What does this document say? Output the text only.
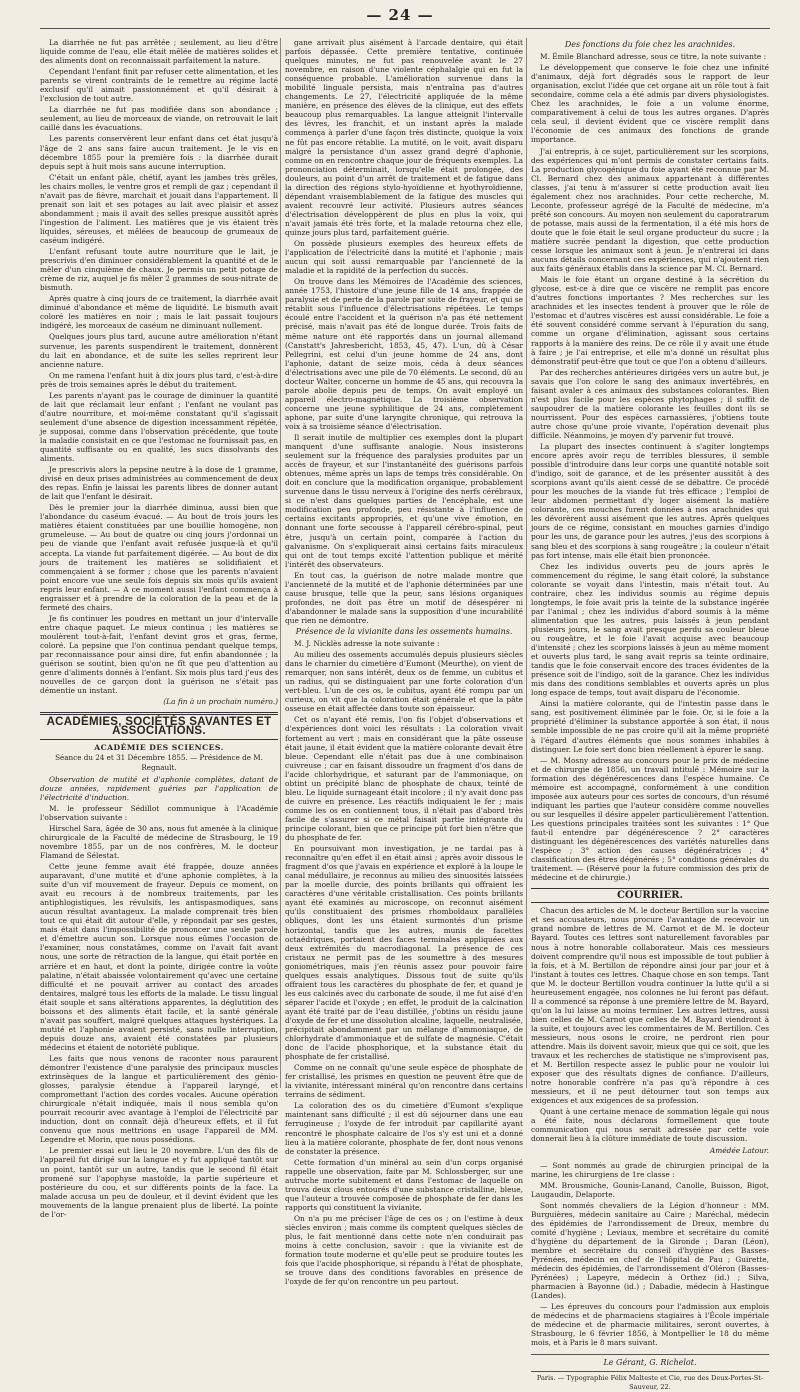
— 24 —

La diarrhée ne fut pas arrêtée ; seulement, au lieu d'être liquide comme de l'eau, elle était mêlée de matières solides et des aliments dont on reconnaissait parfaitement la nature.

Cependant l'enfant finit par refuser cette alimentation, et les parents se virent contraints de le remettre au régime lacté exclusif qu'il aimait passionnément et qu'il désirait à l'exclusion de tout autre.

La diarrhée ne fut pas modifiée dans son abondance ; seulement, au lieu de morceaux de viande, on retrouvait le lait caillé dans les évacuations.

Les parents conservèrent leur enfant dans cet état jusqu'à l'âge de 2 ans sans faire aucun traitement. Je le vis en décembre 1855 pour la première fois : la diarrhée durait depuis sept à huit mois sans aucune interruption.

C'était un enfant pâle, chétif, ayant les jambes très grêles, les chairs molles, le ventre gros et rempli de gaz ; cependant il n'avait pas de fièvre, marchait et jouait dans l'appartement. Il prenait son lait et ses potages au lait avec plaisir et assez abondamment ; mais il avait des selles presque aussitôt après l'ingestion de l'aliment. Les matières que je vis étaient très liquides, séreuses, et mêlées de beaucoup de grumeaux de caséum indigéré.

L'enfant refusant toute autre nourriture que le lait, je prescrivis d'en diminuer considérablement la quantité et de le mêler d'un cinquième de chaux. Je permis un petit potage de crème de riz, auquel je fis mêler 2 grammes de sous-nitrate de bismuth.

Après quatre à cinq jours de ce traitement, la diarrhée avait diminué d'abondance et même de liquidité. Le bismuth avait coloré les matières en noir ; mais le lait passait toujours indigéré, les morceaux de caséum ne diminuant nullement.

Quelques jours plus tard, aucune autre amélioration n'étant survenue, les parents suspendirent le traitement, donnèrent du lait en abondance, et de suite les selles reprirent leur ancienne nature.

On me ramena l'enfant huit à dix jours plus tard, c'est-à-dire près de trois semaines après le début du traitement.

Les parents n'ayant pas le courage de diminuer la quantité de lait que réclamait leur enfant ; l'enfant ne voulant pas d'autre nourriture, et moi-même constatant qu'il s'agissait seulement d'une absence de digestion incessamment répétée, je supposai, comme dans l'observation précédente, que toute la maladie consistait en ce que l'estomac ne fournissait pas, en quantité suffisante ou en qualité, les sucs dissolvants des aliments.

Je prescrivis alors la pepsine neutre à la dose de 1 gramme, divisé en deux prises administrées au commencement de deux des repas. Enfin je laissai les parents libres de donner autant de lait que l'enfant le désirait.

Dès le premier jour la diarrhée diminua, aussi bien que l'abondance du caséum évacué. — Au bout de trois jours les matières étaient constituées par une bouillie homogène, non grumeleuse. — Au bout de quatre ou cinq jours j'ordonnai un peu de viande que l'enfant avait refusée jusque-là et qu'il accepta. La viande fut parfaitement digérée. — Au bout de dix jours de traitement les matières se solidifiaient et commençaient à se former ; chose que les parents n'avaient point encore vue une seule fois depuis six mois qu'ils avaient repris leur enfant. — A ce moment aussi l'enfant commença à engraisser et à prendre de la coloration de la peau et de la fermeté des chairs.

Je fis continuer les poudres en mettant un jour d'intervalle entre chaque paquet. Le mieux continua ; les matières se moulèrent tout-à-fait, l'enfant devint gros et gras, ferme, coloré. La pepsine que l'on continua pendant quelque temps, par reconnaissance pour ainsi dire, fut enfin abandonnée ; la guérison se soutint, bien qu'on ne fît que peu d'attention au genre d'aliments donnés à l'enfant. Six mois plus tard j'eus des nouvelles de ce garçon dont la guérison ne s'était pas démentie un instant.

(La fin à un prochain numéro.)
ACADÉMIES, SOCIÉTÉS SAVANTES ET ASSOCIATIONS.
ACADÉMIE DES SCIENCES.
Séance du 24 et 31 Décembre 1855. — Présidence de M. Regnault.

Observation de mutité et d'aphonie complètes, datant de douze années, rapidement guéries par l'application de l'électricité d'induction.

M. le professeur Sédillot communique à l'Académie l'observation suivante :

Hirschel Sara, âgée de 30 ans, nous fut amenée à la clinique chirurgicale de la Faculté de médecine de Strasbourg, le 19 novembre 1855, par un de nos confrères, M. le docteur Flamand de Sélestat.

Cette jeune femme avait été frappée, douze années auparavant, d'une mutité et d'une aphonie complètes, à la suite d'un vif mouvement de frayeur. Depuis ce moment, on avait eu recours à de nombreux traitements, par les antiphlogistiques, les révulsifs, les antispasmodiques, sans aucun résultat avantageux. La malade comprenait très bien tout ce qui était dit autour d'elle, y répondait par ses gestes, mais était dans l'impossibilité de prononcer une seule parole et d'émettre aucun son. Lorsque nous eûmes l'occasion de l'examiner, nous constatâmes, comme on l'avait fait avant nous, une sorte de rétraction de la langue, qui était portée en arrière et en haut, et dont la pointe, dirigée contre la voûte palatine, n'était abaissée volontairement qu'avec une certaine difficulté et ne pouvait arriver au contact des arcades dentaires, malgré tous les efforts de la malade. Le tissu lingual était souple et sans altérations apparentes, la déglutition des boissons et des aliments était facile, et la santé générale n'avait pas souffert, malgré quelques attaques hystériques. La mutité et l'aphonie avaient persisté, sans nulle interruption, depuis douze ans, avaient été constatées par plusieurs médecins et étaient de notoriété publique.

Les faits que nous venons de raconter nous paraurent démontrer l'existence d'une paralysie des principaux muscles extrinsèques de la langue et particulièrement des génio-glosses, paralysie étendue à l'appareil laryngé, et compromettant l'action des cordes vocales. Aucune opération chirurgicale n'était indiquée, mais il nous sembla qu'on pourrait recourir avec avantage à l'emploi de l'électricité par induction, dont on connaît déjà d'heureux effets, et il fut convenu que nous mettrions en usage l'appareil de MM. Legendre et Morin, que nous possédions.

Le premier essai eut lieu le 20 novembre. L'un des fils de l'appareil fut dirigé sur la langue et y fut appliqué tantôt sur un point, tantôt sur un autre, tandis que le second fil était promené sur l'apophyse mastoïde, la partie supérieure et postérieure du cou, et sur différents points de la face. La malade accusa un peu de douleur, et il devint évident que les mouvements de la langue prenaient plus de liberté. La pointe de l'or-

gane arrivait plus aisément à l'arcade dentaire, qui était parfois dépassée. Cette première tentative, continuée quelques minutes, ne fut pas renouvelée avant le 27 novembre, en raison d'une violente céphalalgie qui en fut la conséquence probable. L'amélioration survenue dans la mobilité linguale persista, mais n'entraîna pas d'autres changements. Le 27, l'électricité appliquée de la même manière, en présence des élèves de la clinique, eut des effets beaucoup plus remarquables. La langue atteignit l'intervalle des lèvres, les franchit, et un instant après la malade commença à parler d'une façon très distincte, quoique la voix ne fût pas encore rétablie. La mutité, on le voit, avait disparu malgré la persistance d'un assez grand degré d'aphonie, comme on en rencontre chaque jour de fréquents exemples. La prononciation déterminait, lorsqu'elle était prolongée, des douleurs, au point d'un arrêt de traitement et de fatigue dans la direction des régions stylo-hyoïdienne et hyothyroïdienne, dépendant vraisemblablement de la fatigue des muscles qui avaient recouvré leur activité. Plusieurs autres séances d'électrisation développèrent de plus en plus la voix, qui n'avait jamais été très forte, et la malade retourna chez elle, quinze jours plus tard, parfaitement guérie.

On possède plusieurs exemples des heureux effets de l'application de l'électricité dans la mutité et l'aphonie ; mais aucun qui soit aussi remarquable par l'ancienneté de la maladie et la rapidité de la perfection du succès.

On trouve dans les Mémoires de l'Académie des sciences, année 1753, l'histoire d'une jeune fille de 14 ans, frappée de paralysie et de perte de la parole par suite de frayeur, et qui se rétablit sous l'influence d'électrisations répétées. Le temps écoulé entre l'accident et la guérison n'a pas été nettement précisé, mais n'avait pas été de longue durée. Trois faits de même nature ont été rapportés dans un journal allemand (Canstatt's Jahresbericht, 1853, 45, 47). L'un, dû à César Pellegrini, est celui d'un jeune homme de 24 ans, dont l'aphonie, datant de seize mois, céda à deux séances d'électrisations avec une pile de 70 éléments. Le second, dû au docteur Walter, concerne un homme de 45 ans, qui recouvra la parole abolie depuis peu de temps. On avait employé un appareil électro-magnétique. La troisième observation concerne une jeune syphilitique de 24 ans, complètement aphone, par suite d'une laryngite chronique, qui retrouva la voix à sa troisième séance d'électrisation.

Il serait inutile de multiplier ces exemples dont la plupart manquent d'une suffisante analogie. Nous insisterons seulement sur la fréquence des paralysies produites par un accès de frayeur, et sur l'instantanéité des guérisons parfois obtenues, même après un laps de temps très considérable. On doit en conclure que la modification organique, probablement survenue dans le tissu nerveux à l'origine des nerfs cérébraux, si ce n'est dans quelques parties de l'encéphale, est une modification peu profonde, peu résistante à l'influence de certains excitants appropriés, et qu'une vive émotion, en donnant une forte secousse à l'appareil cérébro-spinal, peut être, jusqu'à un certain point, comparée à l'action du galvanisme. On s'expliquerait ainsi certains faits miraculeux qui ont de tout temps excité l'attention publique et mérité l'intérêt des observateurs.

En tout cas, la guérison de notre malade montre que l'ancienneté de la mutité et de l'aphonie déterminées par une cause brusque, telle que la peur, sans lésions organiques profondes, ne doit pas être un motif de désespérer ni d'abandonner le malade sans la supposition d'une incurabilité que rien ne démontre.

Présence de la vivianite dans les ossements humains.

M. J. Nicklès adresse la note suivante :

Au milieu des ossements accumulés depuis plusieurs siècles dans le charnier du cimetière d'Eumont (Meurthe), on vient de remarquer, non sans intérêt, deux os de femme, un cubitus et un radius, qui se distinguaient par une forte coloration d'un vert-bleu. L'un de ces os, le cubitus, ayant été rompu par un curieux, on vit que la coloration était générale et que la pâte osseuse en était affectée dans toute son épaisseur.

Cet os n'ayant été remis, l'on fis l'objet d'observations et d'expériences dont voici les résultats : La coloration vivait fortement au vert ; mais en considérant que la pâte osseuse était jaune, il était évident que la matière colorante devait être bleue. Cependant elle n'était pas due à une combinaison cuivreuse ; car en faisant dissoudre un fragment d'os dans de l'acide chlorhydrique, et saturant par de l'ammoniaque, on obtint un précipité blanc de phosphate de chaux, teinté de bleu. Le liquide surnageant était incolore ; il n'y avait donc pas de cuivre en présence. Les réactifs indiquaient le fer ; mais comme les os en contiennent tous, il n'était pas d'abord très facile de s'assurer si ce métal faisait partie intégrante du principe colorant, bien que ce principe pût fort bien n'être que du phosphate de fer.

En poursuivant mon investigation, je ne tardai pas à reconnaître qu'en effet il en était ainsi ; après avoir dissous le fragment d'os que j'avais en expérience et exploré à la loupe le canal médullaire, je reconnus au milieu des sinuosités laissées par la moelle durcie, des points brillants qui offraient les caractères d'une véritable cristallisation. Ces points brillants ayant été examinés au microscope, on reconnut aisément qu'ils constituaient des prismes rhomboïdaux parallèles obliques, dont les uns étaient surmontés d'un prisme horizontal, tandis que les autres, munis de facettes octaédriques, portaient des faces terminales appliquées aux deux extrémités du macrodiagonal. La présence de ces cristaux ne permit pas de les soumettre à des mesures goniométriques, mais j'en réunis assez pour pouvoir faire quelques essais analytiques. Dissous tout de suite qu'ils offraient tous les caractères du phosphate de fer, et quand je les eus calcinés avec du carbonate de soude, il me fut aisé d'en séparer l'acide et l'oxyde ; en effet, le produit de la calcination ayant été traité par de l'eau distillée, j'obtins un résidu jaune d'oxyde de fer et une dissolution alcaline, laquelle, neutralisée, précipitait abondamment par un mélange d'ammoniaque, de chlorhydrate d'ammoniaque et de sulfate de magnésie. C'était donc de l'acide phosphorique, et la substance était du phosphate de fer cristallisé.

Comme on ne connaît qu'une seule espèce de phosphate de fer cristallisé, les prismes en question ne peuvent être que de la vivianite, intéressant minéral qu'on rencontre dans certains terrains de sédiment.

La coloration des os du cimetière d'Eumont s'explique maintenant sans difficulté ; il est dû séjourner dans une eau ferrugineuse ; l'oxyde de fer introduit par capillarité ayant rencontré le phosphate calcaire de l'os s'y est uni et a donné lieu à la matière colorante, phosphate de fer, dont nous venons de constater la présence.

Cette formation d'un minéral au sein d'un corps organisé rappelle une observation, faite par M. Schlossberger, sur une autruche morte subitement et dans l'estomac de laquelle on trouva deux clous entourés d'une substance cristalline, bleue, que l'auteur a trouvée composée de phosphate de fer dans les rapports qui constituent la vivianite.

On n'a pu me préciser l'âge de ces os ; on l'estime à deux siècles environ ; mais comme ils comptent quelques siècles de plus, le fait mentionné dans cette note n'en conduirait pas moins à cette conclusion, savoir : que la vivianite est de formation toute moderne et qu'elle peut se produire toutes les fois que l'acide phosphorique, si répandu à l'état de phosphate, se trouve dans des conditions favorables en présence de l'oxyde de fer qu'on rencontre un peu partout.

Des fonctions du foie chez les arachnides.

M. Émile Blanchard adresse, sous ce titre, la note suivante :

Le développement que conserve le foie chez une infinité d'animaux, déjà fort dégradés sous le rapport de leur organisation, exclut l'idée que cet organe ait un rôle tout à fait secondaire, comme cela a été admis par divers physiologistes. Chez les arachnides, le foie a un volume énorme, comparativement à celui de tous les autres organes. D'après cela seul, il devient évident que ce viscère remplit dans l'économie de ces animaux des fonctions de grande importance.

J'ai entrepris, à ce sujet, particulièrement sur les scorpions, des expériences qui m'ont permis de constater certains faits. La production glycogénique du foie ayant été reconnue par M. Cl. Bernard chez des animaux appartenant à différentes classes, j'ai tenu à m'assurer si cette production avait lieu également chez nos arachnides. Pour cette recherche, M. Leconte, professeur agrégé de la Faculté de médecine, m'a prêté son concours. Au moyen non seulement du caporatrarum de potasse, mais aussi de la fermentation, il a été mis hors de doute que le foie était le seul organe producteur du sucre ; la matière sucrée pendant la digestion, que cette production cesse lorsque les animaux sont à jeun. Je n'entrerai ici dans aucuns détails concernant ces expériences, qui n'ajoutent rien aux faits généraux établis dans la science par M. Cl. Bernard.

Mais le foie étant un organe destiné à la sécrétion du glycose, est-ce à dire que ce viscère ne remplit pas encore d'autres fonctions importantes ? Mes recherches sur les arachnides et les insectes tendent à prouver que le rôle de l'estomac et d'autres viscères est aussi considérable. Le foie a été souvent considéré comme servant à l'épuration du sang, comme un organe d'élimination, agissant sous certains rapports à la manière des reins. De ce rôle il y avait une étude à faire ; je l'ai entreprise, et elle m'a donné un résultat plus démonstratif peut-être que tout ce que l'on a obtenu d'ailleurs.

Par des recherches antérieures dirigées vers un autre but, je savais que l'on colore le sang des animaux invertébrés, en faisant avaler à ces animaux des substances colorantes. Bien n'est plus facile pour les espèces phytophages ; il suffit de saupoudrer de la matière colorante les feuilles dont ils se nourrissent. Pour des espèces carnassières, j'obtiens toute autre chose qu'une proie vivante, l'opération devenait plus difficile. Néanmoins, je moyen d'y parvenir fut trouvé.

La plupart des insectes continuent à s'agiter longtemps encore après avoir reçu de terribles blessures, il semble possible d'introduire dans leur corps une quantité notable soit d'indigo, soit de garance, et de les présenter aussitôt à des scorpions avant qu'ils aient cessé de se débattre. Ce procédé pour les mouches de la viande fut très efficace ; l'emploi de leur abdomen permettant d'y loger aisément la matière colorante, ces mouches furent données à nos arachnides qui les dévorèrent aussi aisément que les autres. Après quelques jours de ce régime, consistant en mouches garnies d'indigo pour les uns, de garance pour les autres, j'eus des scorpions à sang bleu et des scorpions à sang rougeâtre ; la couleur n'était pas fort intense, mais elle était bien prononcée.

Chez les individus ouverts peu de jours après le commencement du régime, le sang était coloré, la substance colorante se voyait dans l'intestin, mais n'était tout. Au contraire, chez les individus soumis au régime depuis longtemps, le foie avait pris la teinte de la substance ingérée par l'animal ; chez les individus d'abord soumis à la même alimentation que les autres, puis laissés à jeun pendant plusieurs jours, le sang avait presque perdu sa couleur bleue ou rougeâtre, et le foie l'avait acquise avec beaucoup d'intensité ; chez les scorpions laissés à jeun au même moment et ouverts plus tard, le sang avait repris sa teinte ordinaire, tandis que le foie conservait encore des traces évidentes de la présence soit de l'indigo, soit de la garance. Chez les individus mis dans des conditions semblables et ouverts après un plus long espace de temps, tout avait disparu de l'économie.

Ainsi la matière colorante, qui de l'intestin passe dans le sang, est positivement éliminée par le foie. Or, si le foie a la propriété d'éliminer la substance apportée à son état, il nous semble impossible de ne pas croire qu'il ait la même propriété à l'égard d'autres éléments que nous sommes inhabiles à distinguer. Le foie sert donc bien réellement à épurer le sang.

— M. Mosny adresse au concours pour le prix de médecine et de chirurgie de 1856, un travail intitulé : Mémoire sur la formation des dégénérescences dans l'espèce humaine. Ce mémoire est accompagné, conformément à une condition imposée aux auteurs pour ces sortes de concours, d'un résumé indiquant les parties que l'auteur considère comme nouvelles ou sur lesquelles il désire appeler particulièrement l'attention. Les questions principales traitées sont les suivantes : 1° Que faut-il entendre par dégénérescence ? 2° caractères distinguant les dégénérescences des variétés naturelles dans l'espèce ; 3° action des causes dégénératrices ; 4° classification des êtres dégénérés ; 5° conditions générales du traitement. — (Réservé pour la future commission des prix de médecine et de chirurgie.)

COURRIER.

Chacun des articles de M. le docteur Bertillon sur la vaccine et ses accusateurs, nous procure l'avantage de recevoir un grand nombre de lettres de M. Carnot et de M. le docteur Bayard. Toutes ces lettres sont naturellement favorables par nous à notre honorable collaborateur. Mais ces messieurs doivent comprendre qu'il nous est impossible de tout publier à la fois, et à M. Bertillon de répondre ainsi jour par jour et à l'instant à toutes ces lettres. Chaque chose en son temps. Tant que M. le docteur Bertillon voudra continuer la lutte qu'il a si heureusement engagée, nos colonnes ne lui feront pas défaut. Il a commencé sa réponse à une première lettre de M. Bayard, qu'on la lui laisse au moins terminer. Les autres lettres, aussi bien celles de M. Carnot que celles de M. Bayard viendront à la suite, et toujours avec les commentaires de M. Bertillon. Ces messieurs, nous osons le croire, ne perdront rien pour attendre. Mais ils doivent savoir, mieux que qui ce soit, que les travaux et les recherches de statistique ne s'improvisent pas, et M. Bertillon respecte assez le public pour ne vouloir lui exposer que des résultats dignes de confiance. D'ailleurs, notre honorable confrère n'a pas qu'à répondre à ces messieurs, et il ne peut détourner tout son temps aux exigences et aux exigences de sa profession.

Quant à une certaine menace de sommation légale qui nous a été faite, nous déclarons formellement que toute communication qui nous serait adressée par cette voie donnerait lieu à la clôture immédiate de toute discussion.

Amédée Latour.

— Sont nommés au grade de chirurgien principal de la marine, les chirurgiens de 1re classe :

MM. Brousmiche, Gounis-Lanand, Canolle, Buisson, Bigot, Laugaudin, Delaporte.

Sont nommés chevaliers de la Légion d'honneur : MM. Burguières, médecin sanitaire au Caire ; Maréchal, médecin des épidémies de l'arrondissement de Dreux, membre du comité d'hygiène ; Leviaux, membre et secrétaire du comité d'hygiène du département de la Gironde ; Daran (Léon), membre et secrétaire du conseil d'hygiène des Basses-Pyrénées, médecin en chef de l'hôpital de Pau ; Guirette, médecin des épidémies, de l'arrondissement d'Oléron (Basses-Pyrénées) ; Lapeyre, médecin à Orthez (id.) ; Silva, pharmacien à Bayonne (id.) ; Dabadie, médecin à Hastingue (Landes).

— Les épreuves du concours pour l'admission aux emplois de médecins et de pharmaciens stagiaires à l'École impériale de médecine et de pharmacie militaires, seront ouvertes, à Strasbourg, le 6 février 1856, à Montpellier le 18 du même mois, et à Paris le 8 mars suivant.

Le Gérant, G. Richelot.
Paris. — Typographie Félix Malteste et Cie, rue des Deux-Portes-St-Sauveur, 22.
